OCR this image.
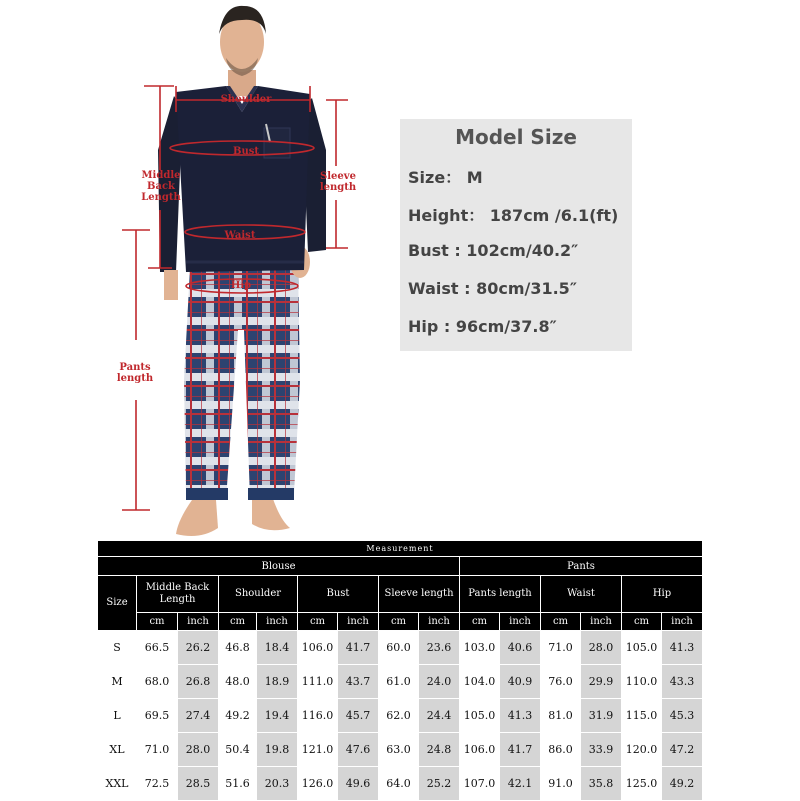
Shoulder
Bust
Middle
Back
Length
Sleeve
length
Waist
Hip
Pants
length
Model Size
Size： M
Height： 187cm /6.1(ft)
Bust : 102cm/40.2″
Waist : 80cm/31.5″
Hip : 96cm/37.8″
Measurement														
Blouse									Pants					
Size	Middle Back Length		Shoulder		Bust		Sleeve length		Pants length		Waist		Hip	
	cm	inch	cm	inch	cm	inch	cm	inch	cm	inch	cm	inch	cm	inch
S	66.5	26.2	46.8	18.4	106.0	41.7	60.0	23.6	103.0	40.6	71.0	28.0	105.0	41.3
M	68.0	26.8	48.0	18.9	111.0	43.7	61.0	24.0	104.0	40.9	76.0	29.9	110.0	43.3
L	69.5	27.4	49.2	19.4	116.0	45.7	62.0	24.4	105.0	41.3	81.0	31.9	115.0	45.3
XL	71.0	28.0	50.4	19.8	121.0	47.6	63.0	24.8	106.0	41.7	86.0	33.9	120.0	47.2
XXL	72.5	28.5	51.6	20.3	126.0	49.6	64.0	25.2	107.0	42.1	91.0	35.8	125.0	49.2
